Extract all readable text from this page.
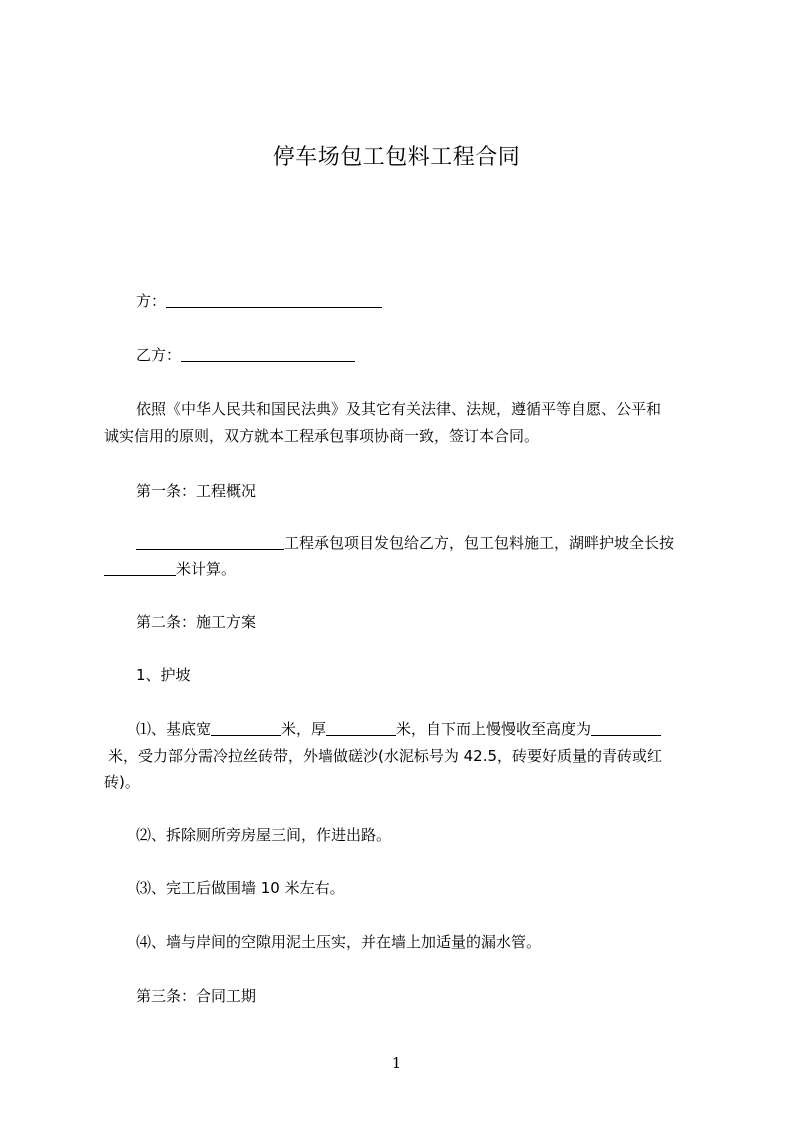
停车场包工包料工程合同
方：
乙方：
依照《中华人民共和国民法典》及其它有关法律、法规，遵循平等自愿、公平和
诚实信用的原则，双方就本工程承包事项协商一致，签订本合同。
第一条：工程概况
工程承包项目发包给乙方，包工包料施工，湖畔护坡全长按
米计算。
第二条：施工方案
1、护坡
⑴、基底宽	米，厚	米，自下而上慢慢收至高度为
米，受力部分需冷拉丝砖带，外墙做磋沙(水泥标号为 42.5，砖要好质量的青砖或红
砖)。
⑵、拆除厕所旁房屋三间，作进出路。
⑶、完工后做围墙 10 米左右。
⑷、墙与岸间的空隙用泥土压实，并在墙上加适量的漏水管。
第三条：合同工期
1
